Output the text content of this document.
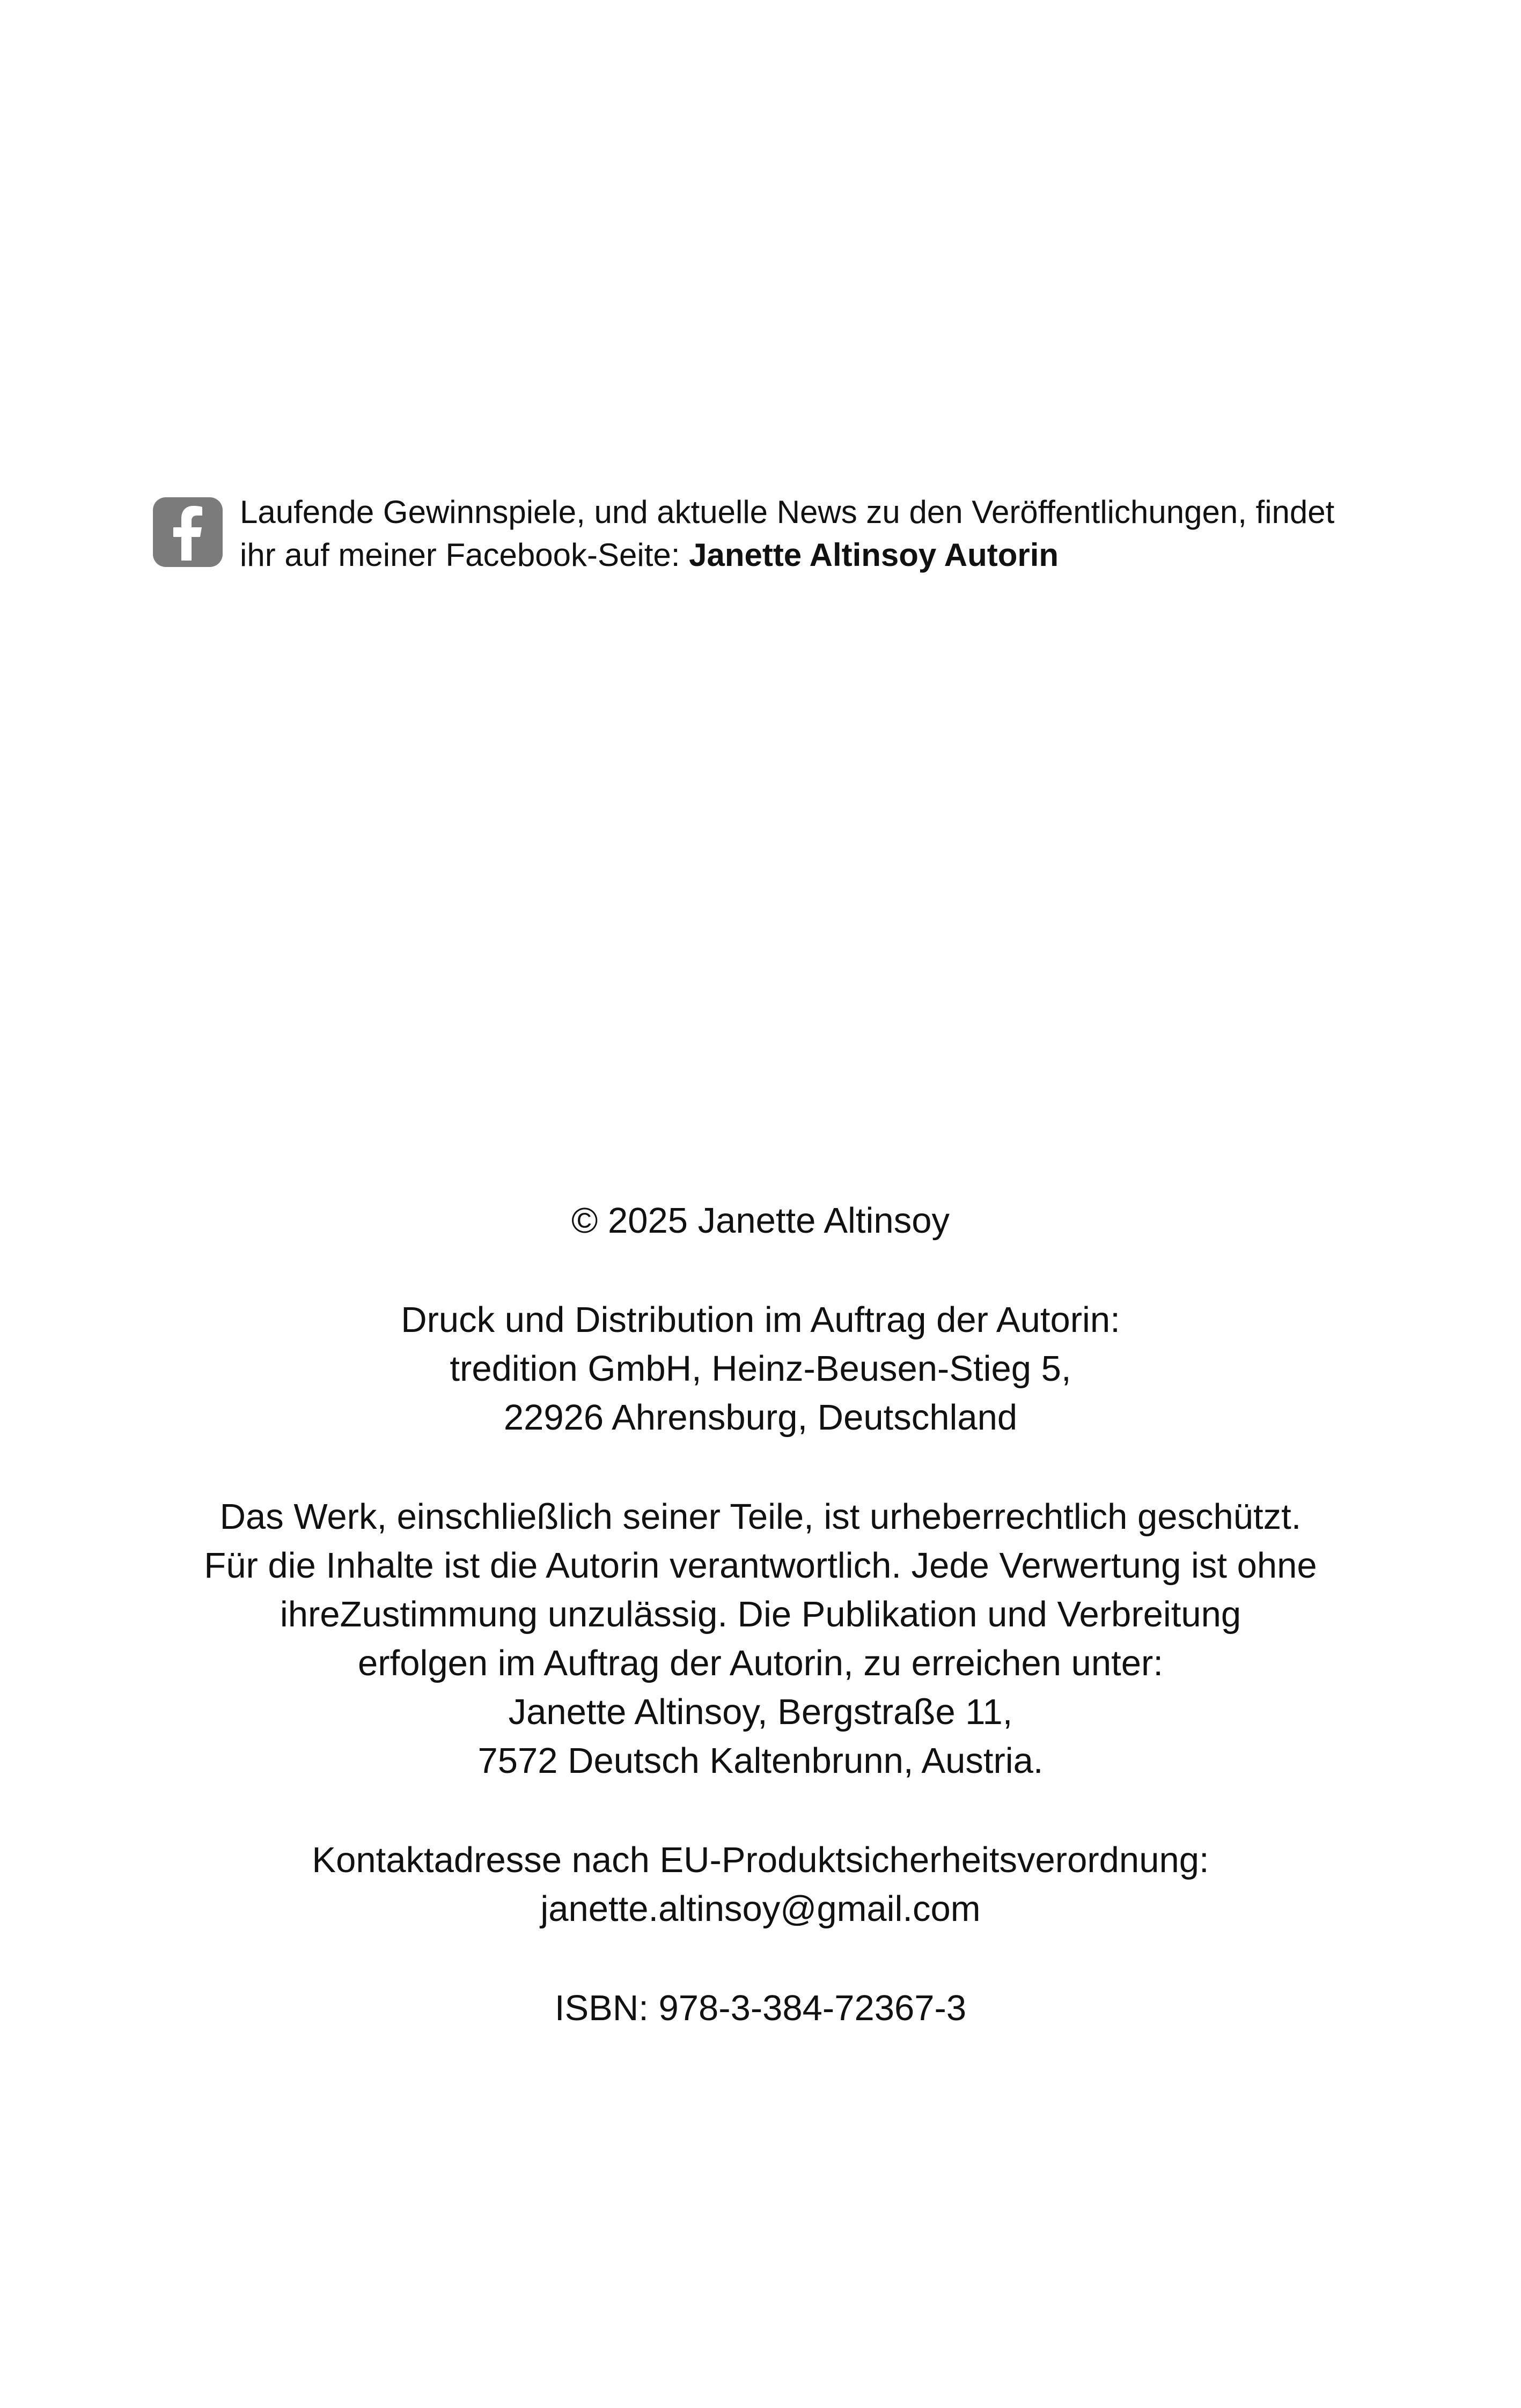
Laufende Gewinnspiele, und aktuelle News zu den Veröffentlichungen, findet
ihr auf meiner Facebook-Seite: Janette Altinsoy Autorin
© 2025 Janette Altinsoy
Druck und Distribution im Auftrag der Autorin:
tredition GmbH, Heinz-Beusen-Stieg 5,
22926 Ahrensburg, Deutschland
Das Werk, einschließlich seiner Teile, ist urheberrechtlich geschützt.
Für die Inhalte ist die Autorin verantwortlich. Jede Verwertung ist ohne
ihreZustimmung unzulässig. Die Publikation und Verbreitung
erfolgen im Auftrag der Autorin, zu erreichen unter:
Janette Altinsoy, Bergstraße 11,
7572 Deutsch Kaltenbrunn, Austria.
Kontaktadresse nach EU-Produktsicherheitsverordnung:
janette.altinsoy@gmail.com
ISBN: 978-3-384-72367-3
